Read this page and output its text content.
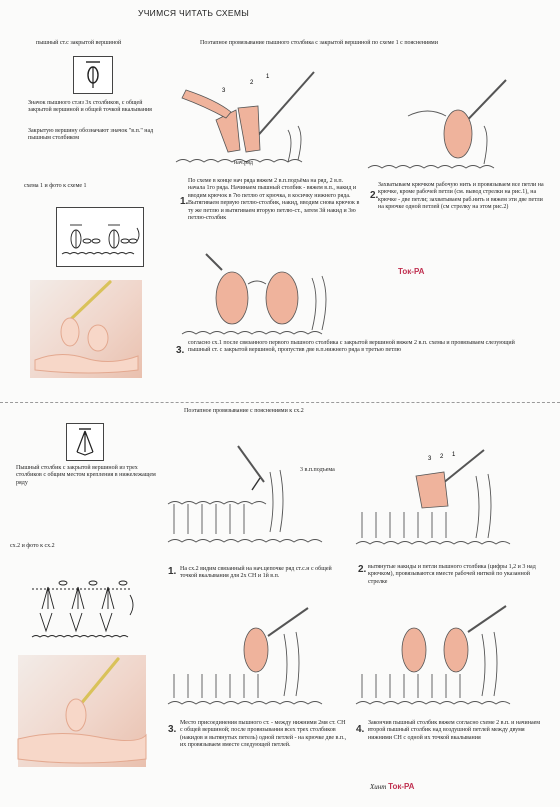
УЧИМСЯ ЧИТАТЬ СХЕМЫ
пышный ст.с закрытой вершиной	Поэтапное провязывание пышного столбика с закрытой вершиной по схеме 1 с пояснениями
Значок пышного ст.из 3х столбиков, с общей закрытой вершиной и общей точкой вкалывания
Закрытую вершину обозначают значок "в.п." над пышным столбиком
схема 1 и фото к схеме 1
3
2
1
нач.ряд
1.
По схеме в конце нач ряда вяжем 2 в.п.подъёма на ряд, 2 в.п. начала 1го ряда. Начинаем пышный столбик - вяжем в.п., накид и вводим крючок в 7ю петлю от крючка, в косичку нижнего ряда. Вытягиваем первую петлю-столбик, накид, вводим снова крючок в ту же петлю и вытягиваем вторую петлю-ст., затем 3й накид и 3ю петлю-столбик
2.
Захватываем крючком рабочую нить и провязываем все петли на крючке, кроме рабочей петли (см. вывод стрелки на рис.1), на крючке - две петли; захватываем раб.нить и вяжем эти две петли на крючке одной петлей (см стрелку на этом рис.2)
Ток-РА
3.
согласно сх.1 после связанного первого пышного столбика с закрытой вершиной вяжем 2 в.п. схемы и провязываем слезующий пышный ст. с закрытой вершиной, пропустив две в.п.нижнего ряда в третью петлю
Поэтапное провязывание с пояснениями к сх.2
Пышный столбик с закрытой вершиной из трех столбиков с общим местом крепления в нижележащем ряду
сх.2 и фото к сх.2
3 в.п.подъема
3 2 1
1. На сх.2 видим связанный на нач.цепочке ряд ст.с.н с общей точкой вкалывания для 2х СН и 1й в.п.
2. вытянутые накиды и петли пышного столбика (цифры 1,2 и 3 над крючком), провязываются вместе рабочей ниткой по указанной стрелке
3.
Место присоединения пышного ст. - между нижними 2мя ст. СН с общей вершиной; после провязывания всех трех столбиков (накидов и вытянутых петель) одной петлей - на крючке две в.п., их провязываем вместе следующей петлей.
4.
Закончив пышный столбик вяжем согласно схеме 2 в.п. и начинаем второй пышный столбик над воздушной петлей между двумя нижними СН с одной их точкой вкалывания
Хинт Ток-РА
